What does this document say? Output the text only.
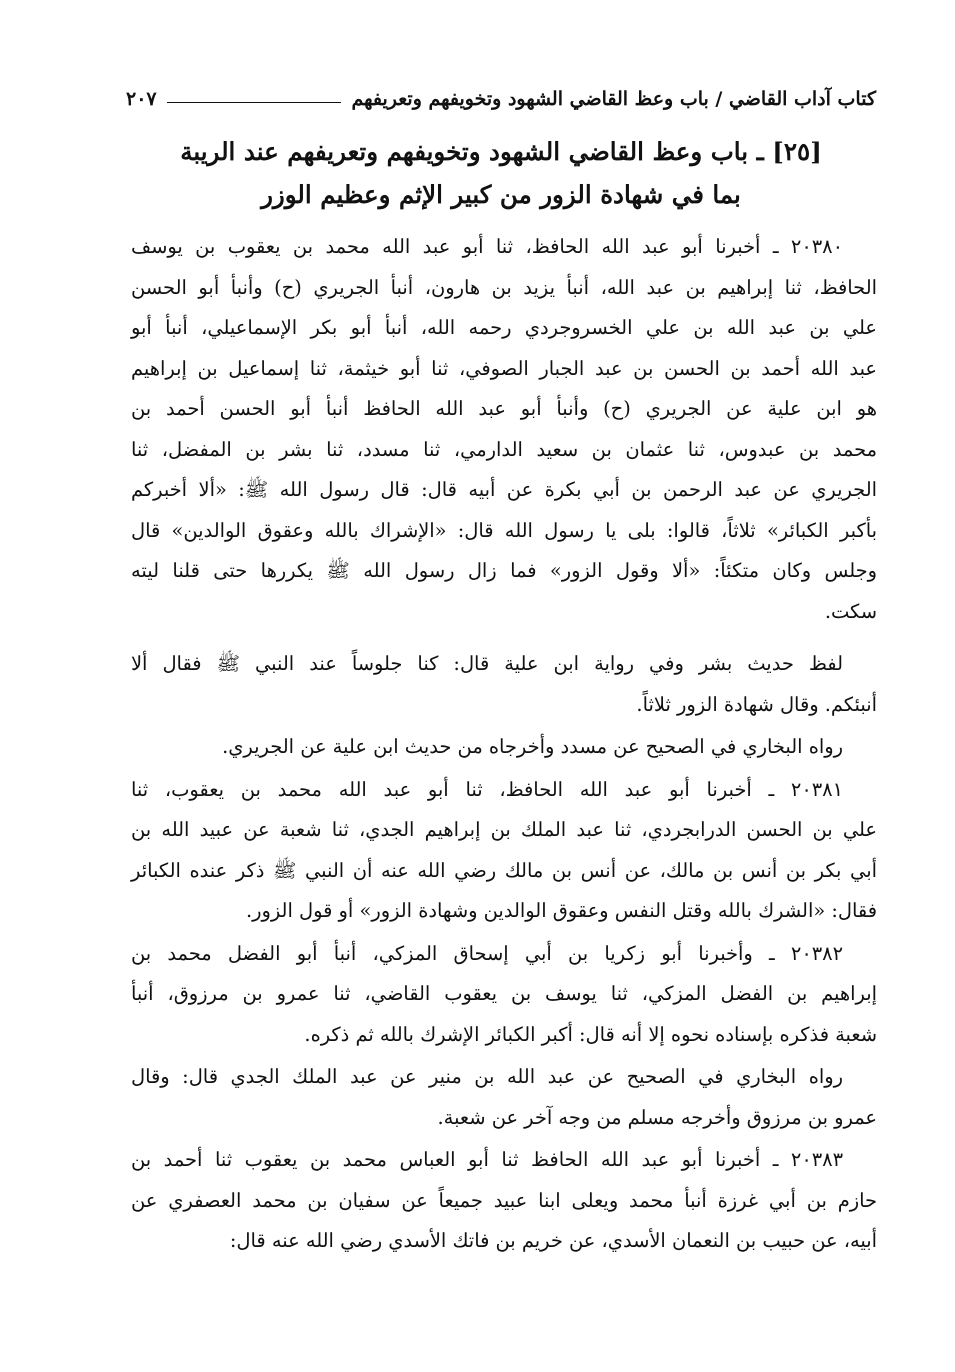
كتاب آداب القاضي / باب وعظ القاضي الشهود وتخويفهم وتعريفهم
٢٠٧
[٢٥] ـ باب وعظ القاضي الشهود وتخويفهم وتعريفهم عند الريبة
بما في شهادة الزور من كبير الإثم وعظيم الوزر

٢٠٣٨٠ ـ أخبرنا أبو عبد الله الحافظ، ثنا أبو عبد الله محمد بن يعقوب بن يوسف
الحافظ، ثنا إبراهيم بن عبد الله، أنبأ يزيد بن هارون، أنبأ الجريري (ح) وأنبأ أبو الحسن
علي بن عبد الله بن علي الخسروجردي رحمه الله، أنبأ أبو بكر الإسماعيلي، أنبأ أبو
عبد الله أحمد بن الحسن بن عبد الجبار الصوفي، ثنا أبو خيثمة، ثنا إسماعيل بن إبراهيم
هو ابن علية عن الجريري (ح) وأنبأ أبو عبد الله الحافظ أنبأ أبو الحسن أحمد بن
محمد بن عبدوس، ثنا عثمان بن سعيد الدارمي، ثنا مسدد، ثنا بشر بن المفضل، ثنا
الجريري عن عبد الرحمن بن أبي بكرة عن أبيه قال: قال رسول الله ﷺ: «ألا أخبركم
بأكبر الكبائر» ثلاثاً، قالوا: بلى يا رسول الله قال: «الإشراك بالله وعقوق الوالدين» قال
وجلس وكان متكئاً: «ألا وقول الزور» فما زال رسول الله ﷺ يكررها حتى قلنا ليته
سكت.

لفظ حديث بشر وفي رواية ابن علية قال: كنا جلوساً عند النبي ﷺ فقال ألا
أنبئكم. وقال شهادة الزور ثلاثاً.

رواه البخاري في الصحيح عن مسدد وأخرجاه من حديث ابن علية عن الجريري.

٢٠٣٨١ ـ أخبرنا أبو عبد الله الحافظ، ثنا أبو عبد الله محمد بن يعقوب، ثنا
علي بن الحسن الدرابجردي، ثنا عبد الملك بن إبراهيم الجدي، ثنا شعبة عن عبيد الله بن
أبي بكر بن أنس بن مالك، عن أنس بن مالك رضي الله عنه أن النبي ﷺ ذكر عنده الكبائر
فقال: «الشرك بالله وقتل النفس وعقوق الوالدين وشهادة الزور» أو قول الزور.

٢٠٣٨٢ ـ وأخبرنا أبو زكريا بن أبي إسحاق المزكي، أنبأ أبو الفضل محمد بن
إبراهيم بن الفضل المزكي، ثنا يوسف بن يعقوب القاضي، ثنا عمرو بن مرزوق، أنبأ
شعبة فذكره بإسناده نحوه إلا أنه قال: أكبر الكبائر الإشرك بالله ثم ذكره.

رواه البخاري في الصحيح عن عبد الله بن منير عن عبد الملك الجدي قال: وقال
عمرو بن مرزوق وأخرجه مسلم من وجه آخر عن شعبة.

٢٠٣٨٣ ـ أخبرنا أبو عبد الله الحافظ ثنا أبو العباس محمد بن يعقوب ثنا أحمد بن
حازم بن أبي غرزة أنبأ محمد ويعلى ابنا عبيد جميعاً عن سفيان بن محمد العصفري عن
أبيه، عن حبيب بن النعمان الأسدي، عن خريم بن فاتك الأسدي رضي الله عنه قال:
